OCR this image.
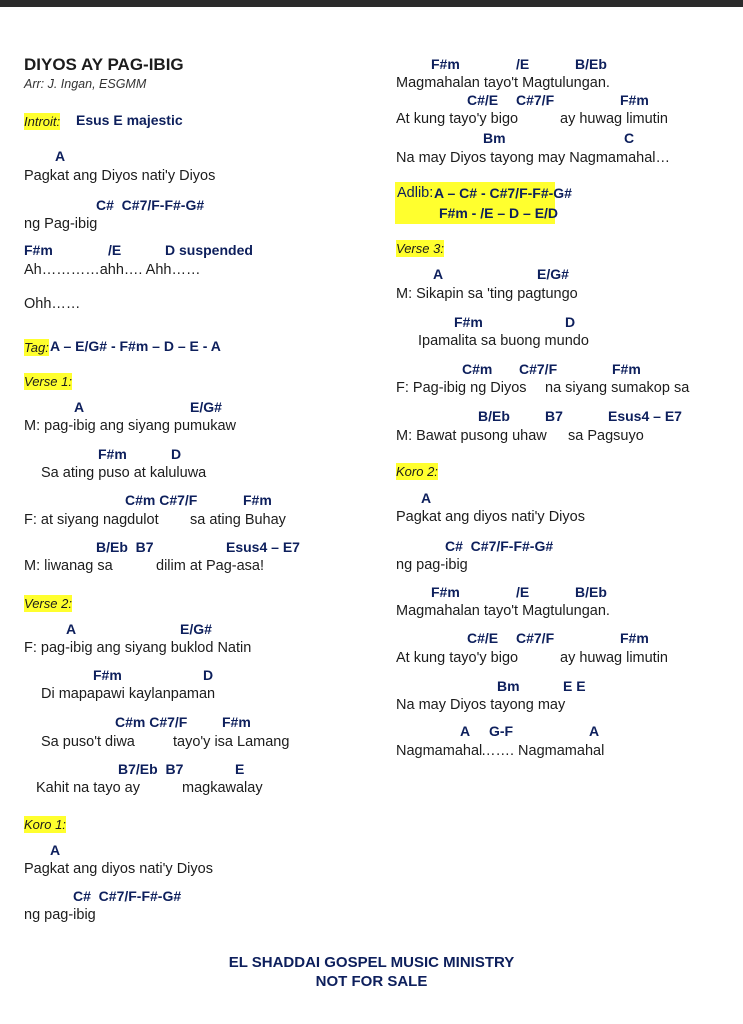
DIYOS AY PAG-IBIG
Arr: J. Ingan, ESGMM
Introit: Esus E majestic
A
Pagkat ang Diyos nati'y Diyos
C#  C#7/F-F#-G#
ng Pag-ibig
F#m	/E	D suspended
Ah…………ahh…. Ahh……
Ohh……
Tag: A – E/G# - F#m – D – E - A
Verse 1:
A	E/G#
M: pag-ibig ang siyang pumukaw
F#m	D
Sa ating puso at kaluluwa
C#m C#7/F	F#m
F: at siyang nagdulot sa ating Buhay
B/Eb  B7	Esus4 – E7
M: liwanag sa	dilim at Pag-asa!
Verse 2:
A	E/G#
F: pag-ibig ang siyang buklod Natin
F#m	D
Di mapapawi kaylanpaman
C#m C#7/F F#m
Sa puso't diwa	tayo'y isa Lamang
B7/Eb  B7	E
Kahit na tayo ay	magkawalay
Koro 1:
A
Pagkat ang diyos nati'y Diyos
C#  C#7/F-F#-G#
ng pag-ibig
F#m	/E	B/Eb
Magmahalan tayo't Magtulungan.
C#/E C#7/F	F#m
At kung tayo'y bigo	ay huwag limutin
Bm	C
Na may Diyos tayong may Nagmamahal…
Adlib: A – C# - C#7/F-F#-G#
F#m - /E – D – E/D
Verse 3:
A	E/G#
M: Sikapin sa 'ting pagtungo
F#m	D
Ipamalita sa buong mundo
C#m C#7/F	F#m
F: Pag-ibig ng Diyos na siyang sumakop sa
B/Eb	B7	Esus4 – E7
M: Bawat pusong uhaw sa Pagsuyo
Koro 2:
A
Pagkat ang diyos nati'y Diyos
C#  C#7/F-F#-G#
ng pag-ibig
F#m	/E	B/Eb
Magmahalan tayo't Magtulungan.
C#/E C#7/F	F#m
At kung tayo'y bigo	ay huwag limutin
Bm	E E
Na may Diyos tayong may
A G-F	A
Nagmamahal
……. Nagmamahal
EL SHADDAI GOSPEL MUSIC MINISTRY
NOT FOR SALE
